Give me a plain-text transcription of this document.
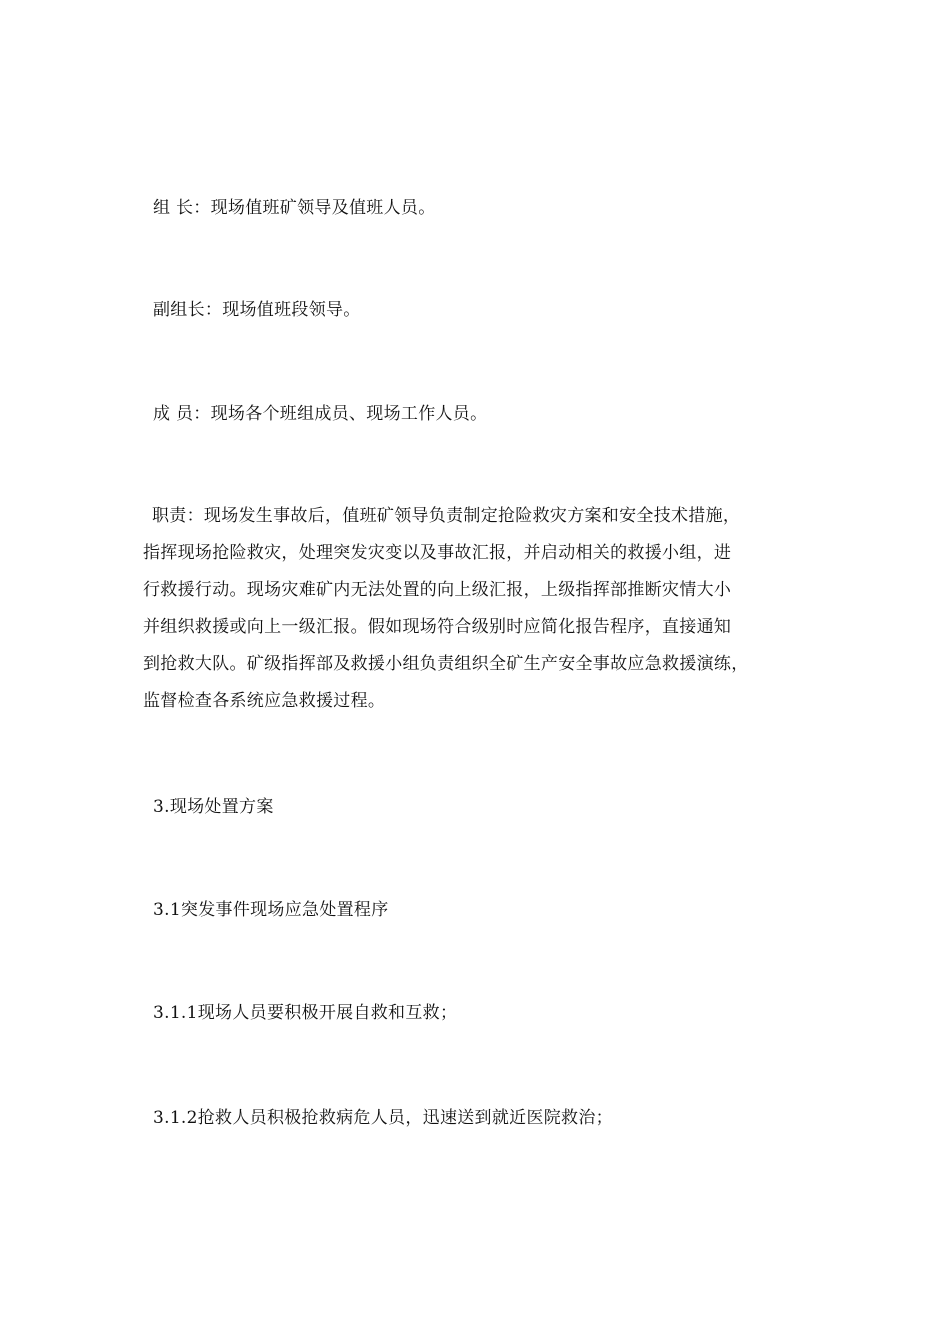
组 长：现场值班矿领导及值班人员。
副组长：现场值班段领导。
成 员：现场各个班组成员、现场工作人员。
职责：现场发生事故后，值班矿领导负责制定抢险救灾方案和安全技术措施，
指挥现场抢险救灾，处理突发灾变以及事故汇报，并启动相关的救援小组，进
行救援行动。现场灾难矿内无法处置的向上级汇报，上级指挥部推断灾情大小
并组织救援或向上一级汇报。假如现场符合级别时应简化报告程序，直接通知
到抢救大队。矿级指挥部及救援小组负责组织全矿生产安全事故应急救援演练，
监督检查各系统应急救援过程。
3.现场处置方案
3.1突发事件现场应急处置程序
3.1.1现场人员要积极开展自救和互救；
3.1.2抢救人员积极抢救病危人员，迅速送到就近医院救治；
